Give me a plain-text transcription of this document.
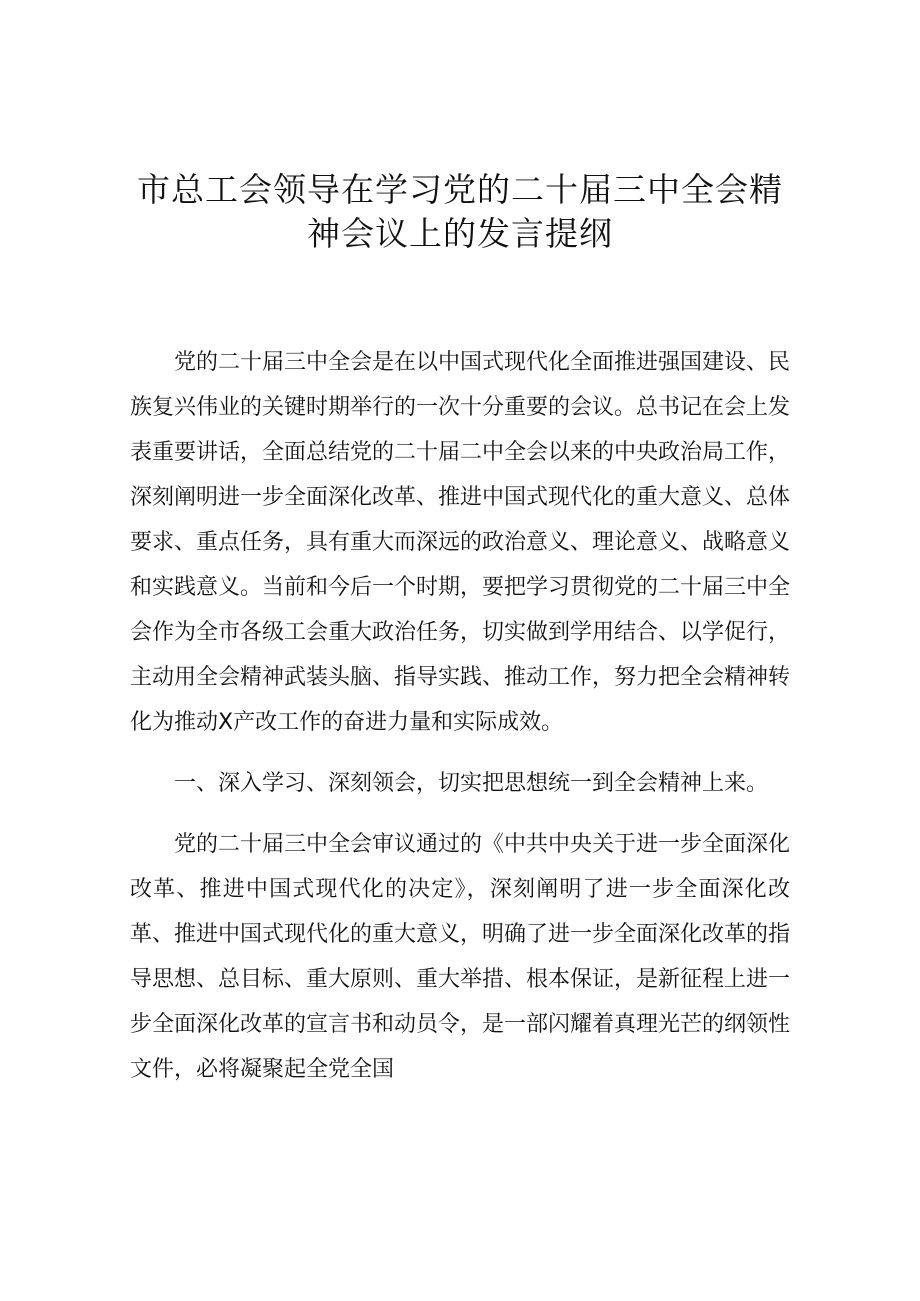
市总工会领导在学习党的二十届三中全会精
神会议上的发言提纲

党的二十届三中全会是在以中国式现代化全面推进强国建设、民族复兴伟业的关键时期举行的一次十分重要的会议。总书记在会上发表重要讲话，全面总结党的二十届二中全会以来的中央政治局工作，深刻阐明进一步全面深化改革、推进中国式现代化的重大意义、总体要求、重点任务，具有重大而深远的政治意义、理论意义、战略意义和实践意义。当前和今后一个时期，要把学习贯彻党的二十届三中全会作为全市各级工会重大政治任务，切实做到学用结合、以学促行，主动用全会精神武装头脑、指导实践、推动工作，努力把全会精神转化为推动X产改工作的奋进力量和实际成效。

一、深入学习、深刻领会，切实把思想统一到全会精神上来。

党的二十届三中全会审议通过的《中共中央关于进一步全面深化改革、推进中国式现代化的决定》，深刻阐明了进一步全面深化改革、推进中国式现代化的重大意义，明确了进一步全面深化改革的指导思想、总目标、重大原则、重大举措、根本保证，是新征程上进一步全面深化改革的宣言书和动员令，是一部闪耀着真理光芒的纲领性文件，必将凝聚起全党全国
